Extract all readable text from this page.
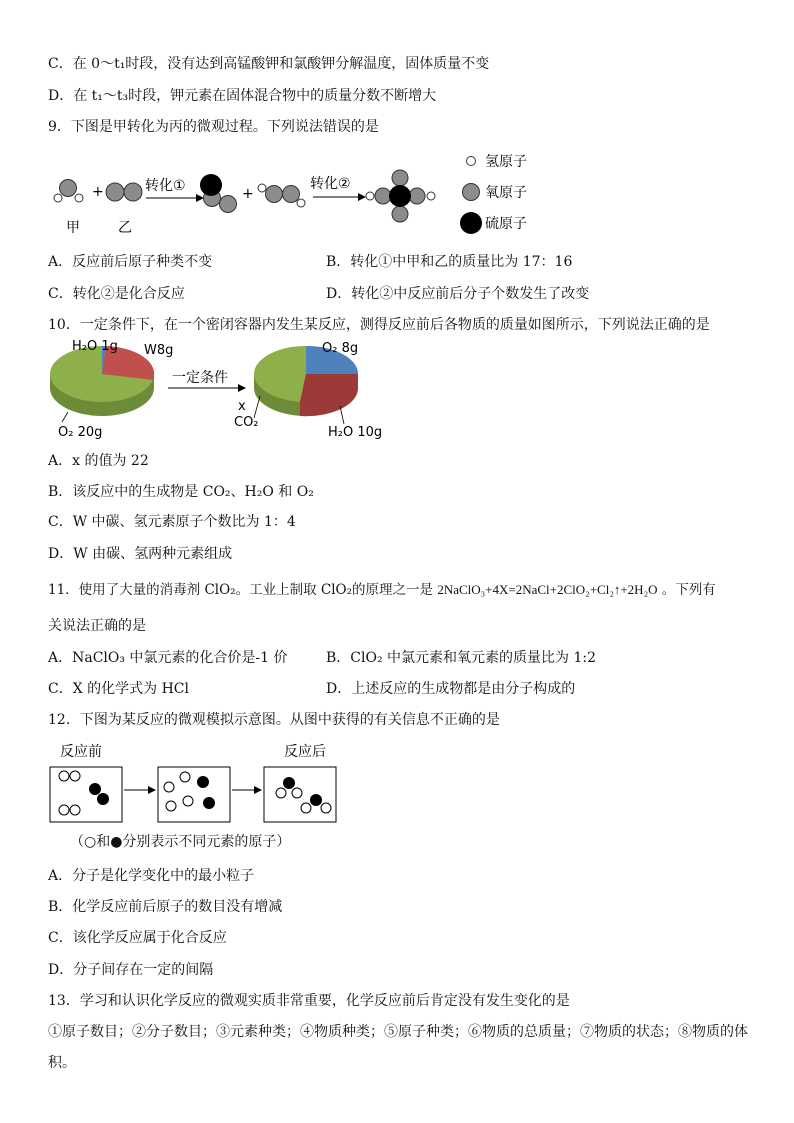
C．在 0～t₁时段，没有达到高锰酸钾和氯酸钾分解温度，固体质量不变
D．在 t₁～t₃时段，钾元素在固体混合物中的质量分数不断增大
9．下图是甲转化为丙的微观过程。下列说法错误的是
+
甲	乙
转化①	+
转化②
氢原子
氧原子
硫原子
A．反应前后原子种类不变	B．转化①中甲和乙的质量比为 17：16
C．转化②是化合反应	D．转化②中反应前后分子个数发生了改变
10．一定条件下，在一个密闭容器内发生某反应，测得反应前后各物质的质量如图所示，下列说法正确的是
H₂O 1g W8g
O₂ 20g
一定条件
O₂ 8g
x
CO₂
H₂O 10g
A．x 的值为 22
B．该反应中的生成物是 CO₂、H₂O 和 O₂
C．W 中碳、氢元素原子个数比为 1：4
D．W 由碳、氢两种元素组成
11．使用了大量的消毒剂 ClO₂。工业上制取 ClO₂的原理之一是 2NaClO₃+4X=2NaCl+2ClO₂+Cl₂↑+2H₂O 。下列有
关说法正确的是
A．NaClO₃ 中氯元素的化合价是-1 价	B．ClO₂ 中氯元素和氧元素的质量比为 1:2
C．X 的化学式为 HCl	D．上述反应的生成物都是由分子构成的
12．下图为某反应的微观模拟示意图。从图中获得的有关信息不正确的是
反应前	反应后
（○和●分别表示不同元素的原子）
A．分子是化学变化中的最小粒子
B．化学反应前后原子的数目没有增减
C．该化学反应属于化合反应
D．分子间存在一定的间隔
13．学习和认识化学反应的微观实质非常重要，化学反应前后肯定没有发生变化的是
①原子数目；②分子数目；③元素种类；④物质种类；⑤原子种类；⑥物质的总质量；⑦物质的状态；⑧物质的体
积。
